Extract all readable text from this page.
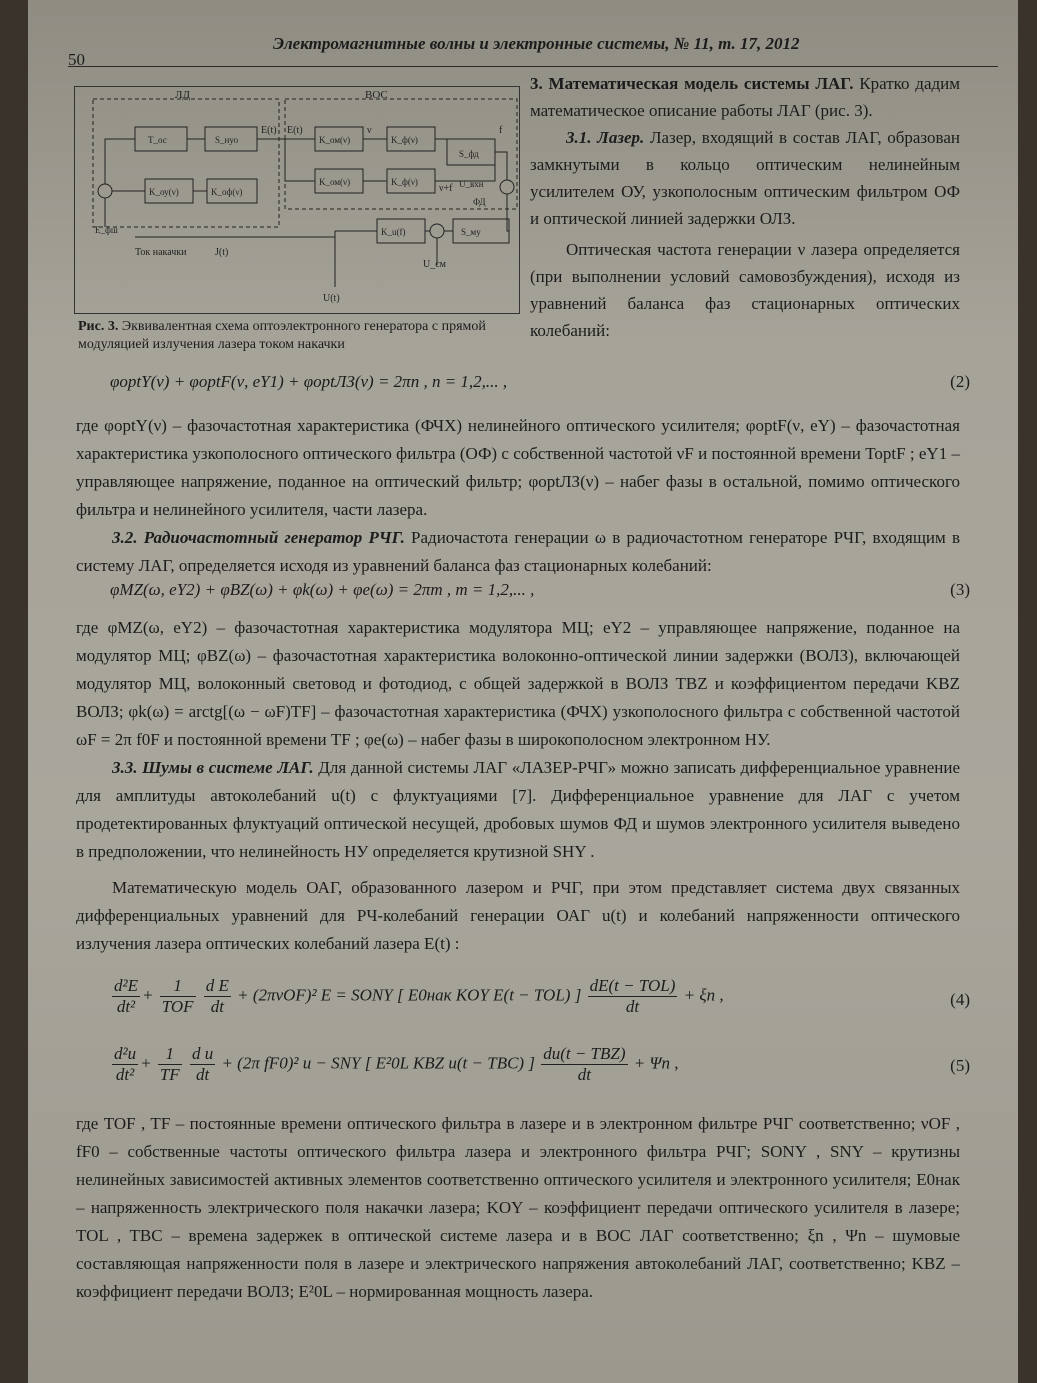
50
Электромагнитные волны и электронные системы, № 11, т. 17, 2012
ЛД	ВОС
T_ос	S_нуо
E(t) E(t)	ν
K_оу(ν)	K_оф(ν)
K_ом(ν)
K_ом(ν)
K_ф(ν)
K_ф(ν)
S_фд
f
ν+f U_вхн
ФД
E_фш
Ток накачки	J(t)
K_u(f)	S_му
U_см
U(t)
Рис. 3. Эквивалентная схема оптоэлектронного генератора с прямой модуляцией излучения лазера током накачки

3. Математическая модель системы ЛАГ. Кратко дадим математическое описание работы ЛАГ (рис. 3).

3.1. Лазер. Лазер, входящий в состав ЛАГ, образован замкнутыми в кольцо оптическим нелинейным усилителем ОУ, узкополосным оптическим фильтром ОФ и оптической линией задержки ОЛЗ.

Оптическая частота генерации ν лазера определяется (при выполнении условий самовозбуждения), исходя из уравнений баланса фаз стационарных оптических колебаний:

φoptY(ν) + φoptF(ν, eY1) + φoptЛЗ(ν) = 2πn , n = 1,2,... ,	(2)

где φoptY(ν) – фазочастотная характеристика (ФЧХ) нелинейного оптического усилителя; φoptF(ν, eY) – фазочастотная характеристика узкополосного оптического фильтра (ОФ) с собственной частотой νF и постоянной времени ToptF ; eY1 – управляющее напряжение, поданное на оптический фильтр; φoptЛЗ(ν) – набег фазы в остальной, помимо оптического фильтра и нелинейного усилителя, части лазера.

3.2. Радиочастотный генератор РЧГ. Радиочастота генерации ω в радиочастотном генераторе РЧГ, входящим в систему ЛАГ, определяется исходя из уравнений баланса фаз стационарных колебаний:

φMZ(ω, eY2) + φBZ(ω) + φk(ω) + φe(ω) = 2πm , m = 1,2,... ,	(3)

где φMZ(ω, eY2) – фазочастотная характеристика модулятора МЦ; eY2 – управляющее напряжение, поданное на модулятор МЦ; φBZ(ω) – фазочастотная характеристика волоконно-оптической линии задержки (ВОЛЗ), включающей модулятор МЦ, волоконный световод и фотодиод, с общей задержкой в ВОЛЗ TBZ и коэффициентом передачи KBZ ВОЛЗ; φk(ω) = arctg[(ω − ωF)TF] – фазочастотная характеристика (ФЧХ) узкополосного фильтра с собственной частотой ωF = 2π f0F и постоянной времени TF ; φe(ω) – набег фазы в широкополосном электронном НУ.

3.3. Шумы в системе ЛАГ. Для данной системы ЛАГ «ЛАЗЕР-РЧГ» можно записать дифференциальное уравнение для амплитуды автоколебаний u(t) с флуктуациями [7]. Дифференциальное уравнение для ЛАГ с учетом продетектированных флуктуаций оптической несущей, дробовых шумов ФД и шумов электронного усилителя выведено в предположении, что нелинейность НУ определяется крутизной SHY .

Математическую модель ОАГ, образованного лазером и РЧГ, при этом представляет система двух связанных дифференциальных уравнений для РЧ-колебаний генерации ОАГ u(t) и колебаний напряженности оптического излучения лазера оптических колебаний лазера E(t) :

$\frac{\text{d²E}}{\text{dt²}} + \frac{1}{\text{TOF}}$
$\frac{\text{d E}}{dt} + (2\pi\nu OF)^2$ E = SONY [ E0нак KOY E(t − TOL) ] $\frac{\text{dE(t − TOL)}}{dt} + \xi n$ ,	(4)
$\frac{\text{d²u}}{\text{dt²}} + \frac{1}{TF}$
$\frac{\text{d u}}{dt} + (2\pi$ fF0)² u − SNY [ E²0L KBZ u(t − TBC) ] $\frac{\text{du(t − TBZ)}}{dt} + \Psi n$ ,	(5)

где TOF , TF – постоянные времени оптического фильтра в лазере и в электронном фильтре РЧГ соответственно; νOF , fF0 – собственные частоты оптического фильтра лазера и электронного фильтра РЧГ; SONY , SNY – крутизны нелинейных зависимостей активных элементов соответственно оптического усилителя и электронного усилителя; E0нак – напряженность электрического поля накачки лазера; KOY – коэффициент передачи оптического усилителя в лазере; TOL , TBC – времена задержек в оптической системе лазера и в ВОС ЛАГ соответственно; ξn , Ψn – шумовые составляющая напряженности поля в лазере и электрического напряжения автоколебаний ЛАГ, соответственно; KBZ – коэффициент передачи ВОЛЗ; E²0L – нормированная мощность лазера.
